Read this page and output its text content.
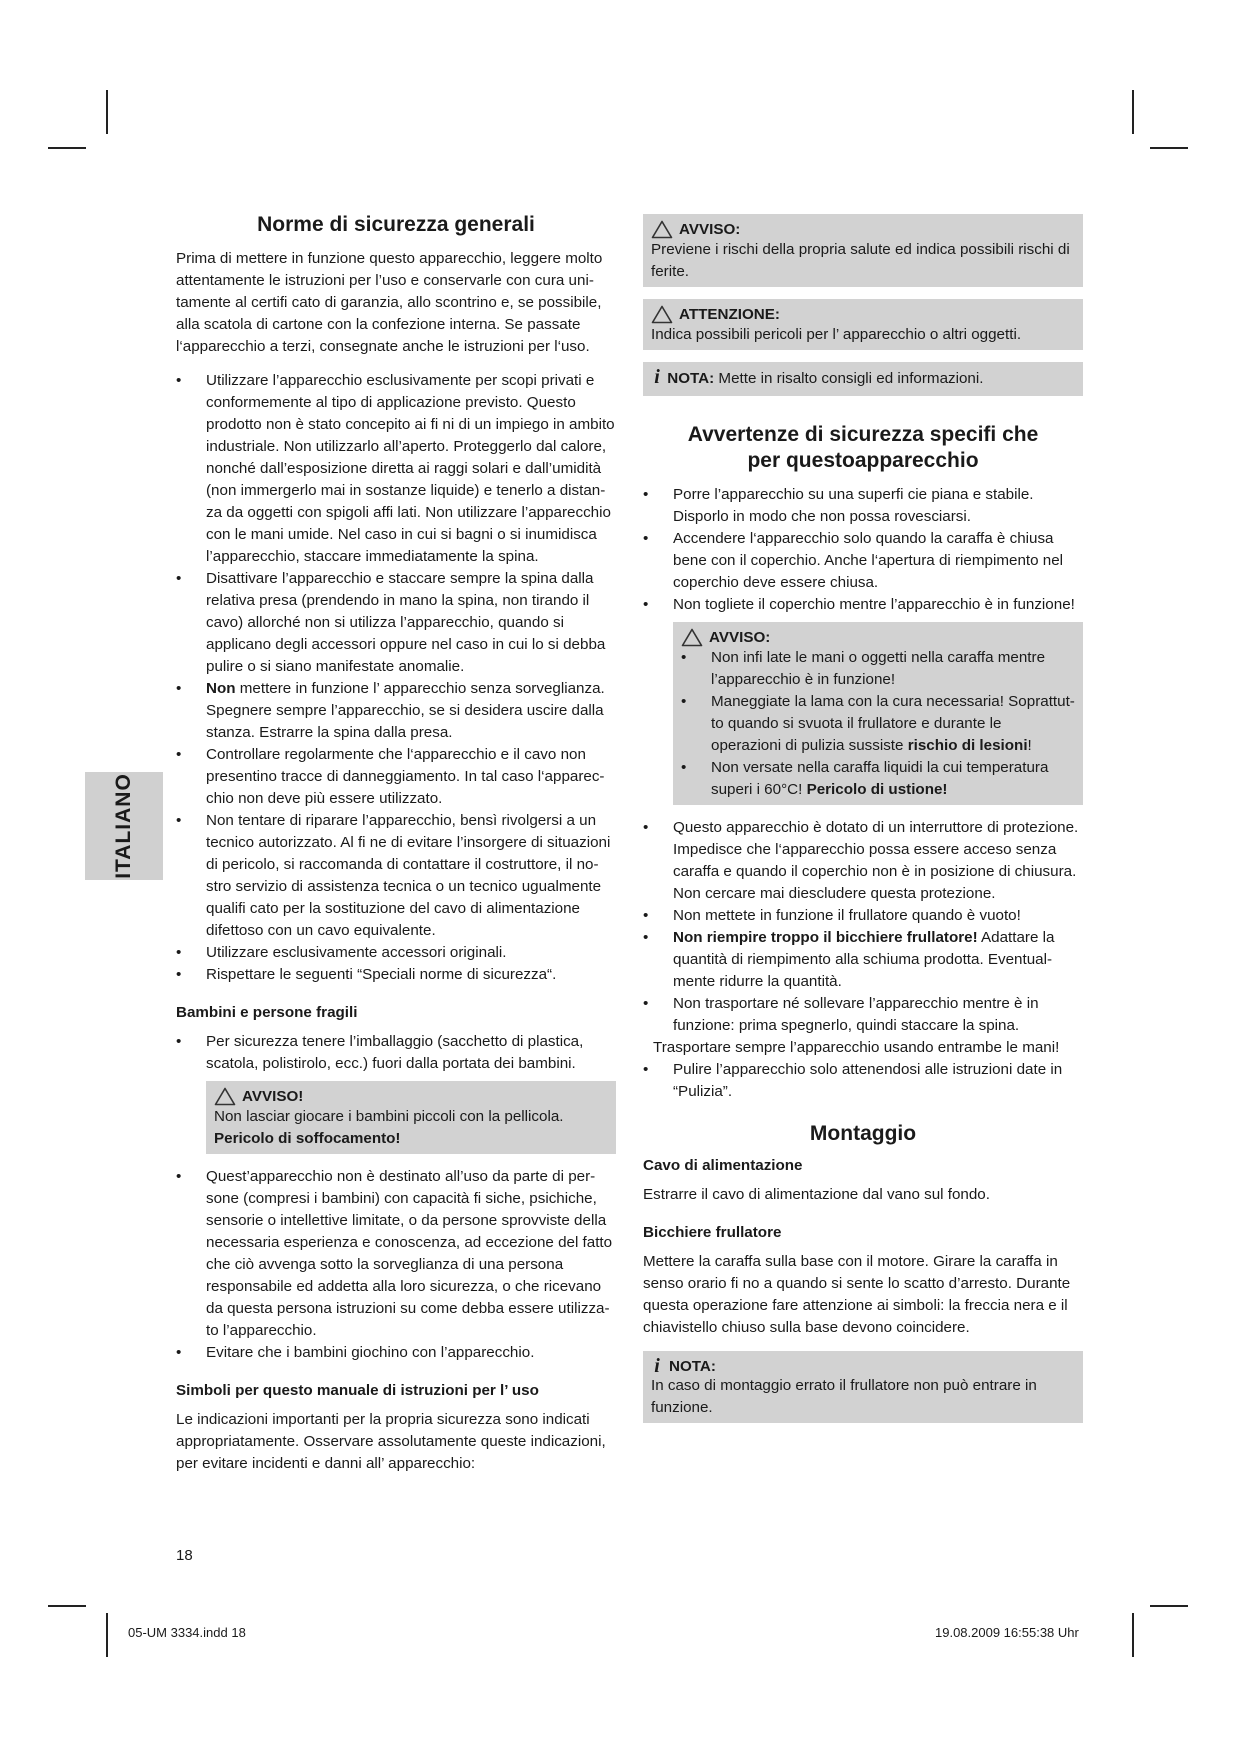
ITALIANO
Norme di sicurezza generali

Prima di mettere in funzione questo apparecchio, leggere molto attentamente le istruzioni per l’uso e conservarle con cura uni-tamente al certifi cato di garanzia, allo scontrino e, se possibile, alla scatola di cartone con la confezione interna. Se passate l‘apparecchio a terzi, consegnate anche le istruzioni per l‘uso.

• Utilizzare l’apparecchio esclusivamente per scopi privati e conformemente al tipo di applicazione previsto. Questo prodotto non è stato concepito ai fi ni di un impiego in ambito industriale. Non utilizzarlo all’aperto. Proteggerlo dal calore, nonché dall’esposizione diretta ai raggi solari e dall’umidità (non immergerlo mai in sostanze liquide) e tenerlo a distan-za da oggetti con spigoli affi lati. Non utilizzare l’apparecchio con le mani umide. Nel caso in cui si bagni o si inumidisca l’apparecchio, staccare immediatamente la spina.
• Disattivare l’apparecchio e staccare sempre la spina dalla relativa presa (prendendo in mano la spina, non tirando il cavo) allorché non si utilizza l’apparecchio, quando si applicano degli accessori oppure nel caso in cui lo si debba pulire o si siano manifestate anomalie.
• Non mettere in funzione l’ apparecchio senza sorveglianza. Spegnere sempre l’apparecchio, se si desidera uscire dalla stanza. Estrarre la spina dalla presa.
• Controllare regolarmente che l‘apparecchio e il cavo non presentino tracce di danneggiamento. In tal caso l‘apparec-chio non deve più essere utilizzato.
• Non tentare di riparare l’apparecchio, bensì rivolgersi a un tecnico autorizzato. Al fi ne di evitare l’insorgere di situazioni di pericolo, si raccomanda di contattare il costruttore, il no-stro servizio di assistenza tecnica o un tecnico ugualmente qualifi cato per la sostituzione del cavo di alimentazione difettoso con un cavo equivalente.
• Utilizzare esclusivamente accessori originali.
• Rispettare le seguenti “Speciali norme di sicurezza“.
Bambini e persone fragili
• Per sicurezza tenere l’imballaggio (sacchetto di plastica, scatola, polistirolo, ecc.) fuori dalla portata dei bambini.
AVVISO!

Non lasciar giocare i bambini piccoli con la pellicola.

Pericolo di soffocamento!

• Quest’apparecchio non è destinato all’uso da parte di per-sone (compresi i bambini) con capacità fi siche, psichiche, sensorie o intellettive limitate, o da persone sprovviste della necessaria esperienza e conoscenza, ad eccezione del fatto che ciò avvenga sotto la sorveglianza di una persona responsabile ed addetta alla loro sicurezza, o che ricevano da questa persona istruzioni su come debba essere utilizza-to l’apparecchio.
• Evitare che i bambini giochino con l’apparecchio.
Simboli per questo manuale di istruzioni per l’ uso

Le indicazioni importanti per la propria sicurezza sono indicati appropriatamente. Osservare assolutamente queste indicazioni, per evitare incidenti e danni all’ apparecchio:

AVVISO:

Previene i rischi della propria salute ed indica possibili rischi di ferite.

ATTENZIONE:

Indica possibili pericoli per l’ apparecchio o altri oggetti.

i NOTA: Mette in risalto consigli ed informazioni.

Avvertenze di sicurezza specifi che
per questoapparecchio
• Porre l’apparecchio su una superfi cie piana e stabile. Disporlo in modo che non possa rovesciarsi.
• Accendere l‘apparecchio solo quando la caraffa è chiusa bene con il coperchio. Anche l‘apertura di riempimento nel coperchio deve essere chiusa.
• Non togliete il coperchio mentre l’apparecchio è in funzione!
AVVISO:
• Non infi late le mani o oggetti nella caraffa mentre l’apparecchio è in funzione!
• Maneggiate la lama con la cura necessaria! Soprattut-to quando si svuota il frullatore e durante le operazioni di pulizia sussiste rischio di lesioni!
• Non versate nella caraffa liquidi la cui temperatura superi i 60°C! Pericolo di ustione!
• Questo apparecchio è dotato di un interruttore di protezione. Impedisce che l‘apparecchio possa essere acceso senza caraffa e quando il coperchio non è in posizione di chiusura. Non cercare mai diescludere questa protezione.
• Non mettete in funzione il frullatore quando è vuoto!
• Non riempire troppo il bicchiere frullatore! Adattare la quantità di riempimento alla schiuma prodotta. Eventual-mente ridurre la quantità.
• Non trasportare né sollevare l’apparecchio mentre è in funzione: prima spegnerlo, quindi staccare la spina.

Trasportare sempre l’apparecchio usando entrambe le mani!

• Pulire l’apparecchio solo attenendosi alle istruzioni date in “Pulizia”.
Montaggio
Cavo di alimentazione

Estrarre il cavo di alimentazione dal vano sul fondo.

Bicchiere frullatore

Mettere la caraffa sulla base con il motore. Girare la caraffa in senso orario fi no a quando si sente lo scatto d’arresto. Durante questa operazione fare attenzione ai simboli: la freccia nera e il chiavistello chiuso sulla base devono coincidere.

i NOTA:

In caso di montaggio errato il frullatore non può entrare in funzione.

18
05-UM 3334.indd 18	19.08.2009 16:55:38 Uhr
